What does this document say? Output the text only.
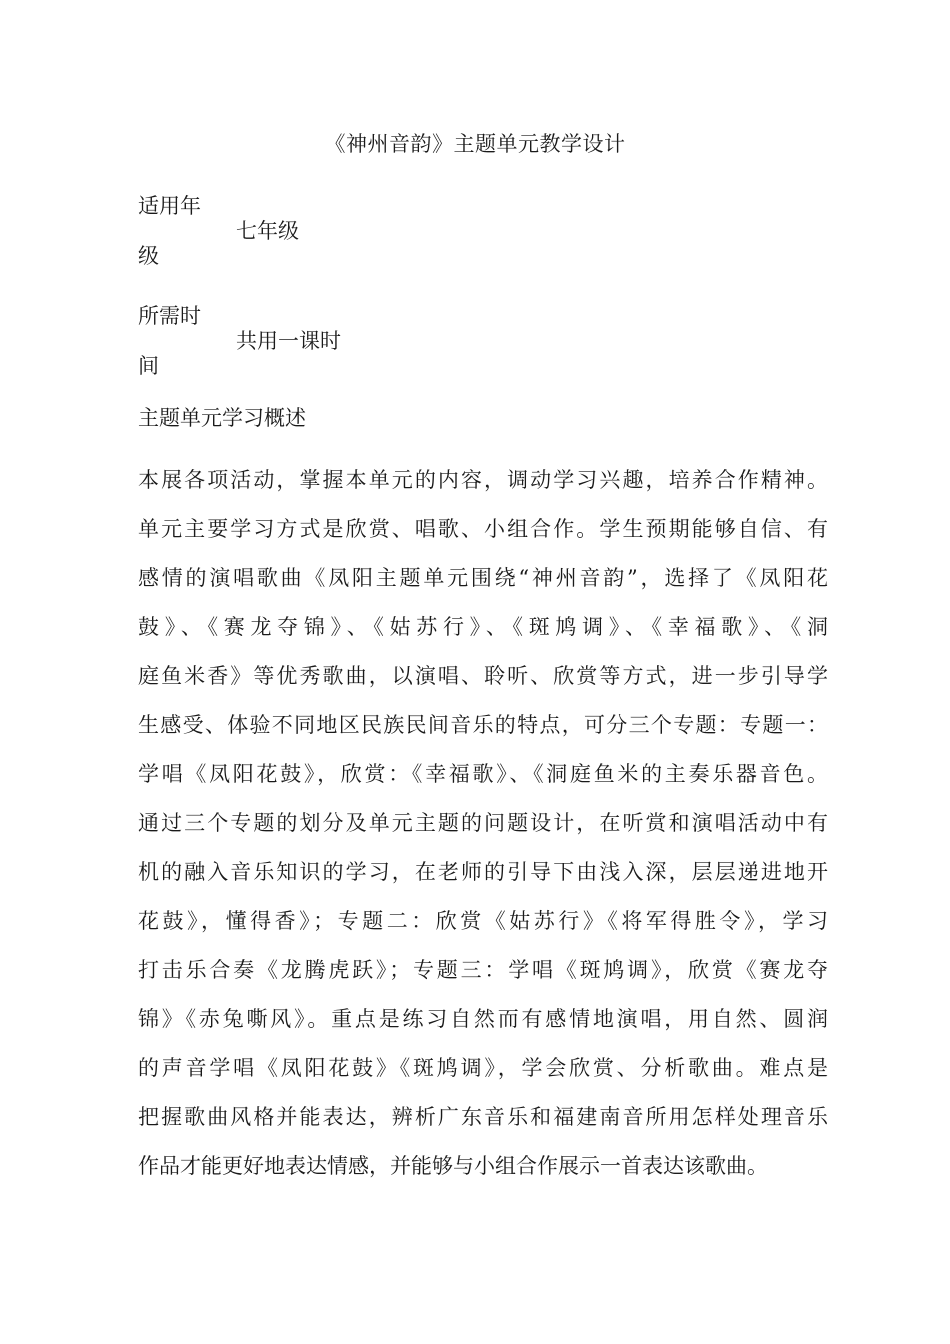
《神州音韵》主题单元教学设计
适用年
级
七年级
所需时
间
共用一课时
主题单元学习概述
本展各项活动，掌握本单元的内容，调动学习兴趣，培养合作精神。
单元主要学习方式是欣赏、唱歌、小组合作。学生预期能够自信、有
感情的演唱歌曲《凤阳主题单元围绕“神州音韵”，选择了《凤阳花
鼓》、《赛龙夺锦》、《姑苏行》、《斑鸠调》、《幸福歌》、《洞
庭鱼米香》等优秀歌曲，以演唱、聆听、欣赏等方式，进一步引导学
生感受、体验不同地区民族民间音乐的特点，可分三个专题：专题一：
学唱《凤阳花鼓》，欣赏：《幸福歌》、《洞庭鱼米的主奏乐器音色。
通过三个专题的划分及单元主题的问题设计，在听赏和演唱活动中有
机的融入音乐知识的学习，在老师的引导下由浅入深，层层递进地开
花鼓》，懂得香》；专题二：欣赏《姑苏行》《将军得胜令》，学习
打击乐合奏《龙腾虎跃》；专题三：学唱《斑鸠调》，欣赏《赛龙夺
锦》《赤兔嘶风》。重点是练习自然而有感情地演唱，用自然、圆润
的声音学唱《凤阳花鼓》《斑鸠调》，学会欣赏、分析歌曲。难点是
把握歌曲风格并能表达，辨析广东音乐和福建南音所用怎样处理音乐
作品才能更好地表达情感，并能够与小组合作展示一首表达该歌曲。
